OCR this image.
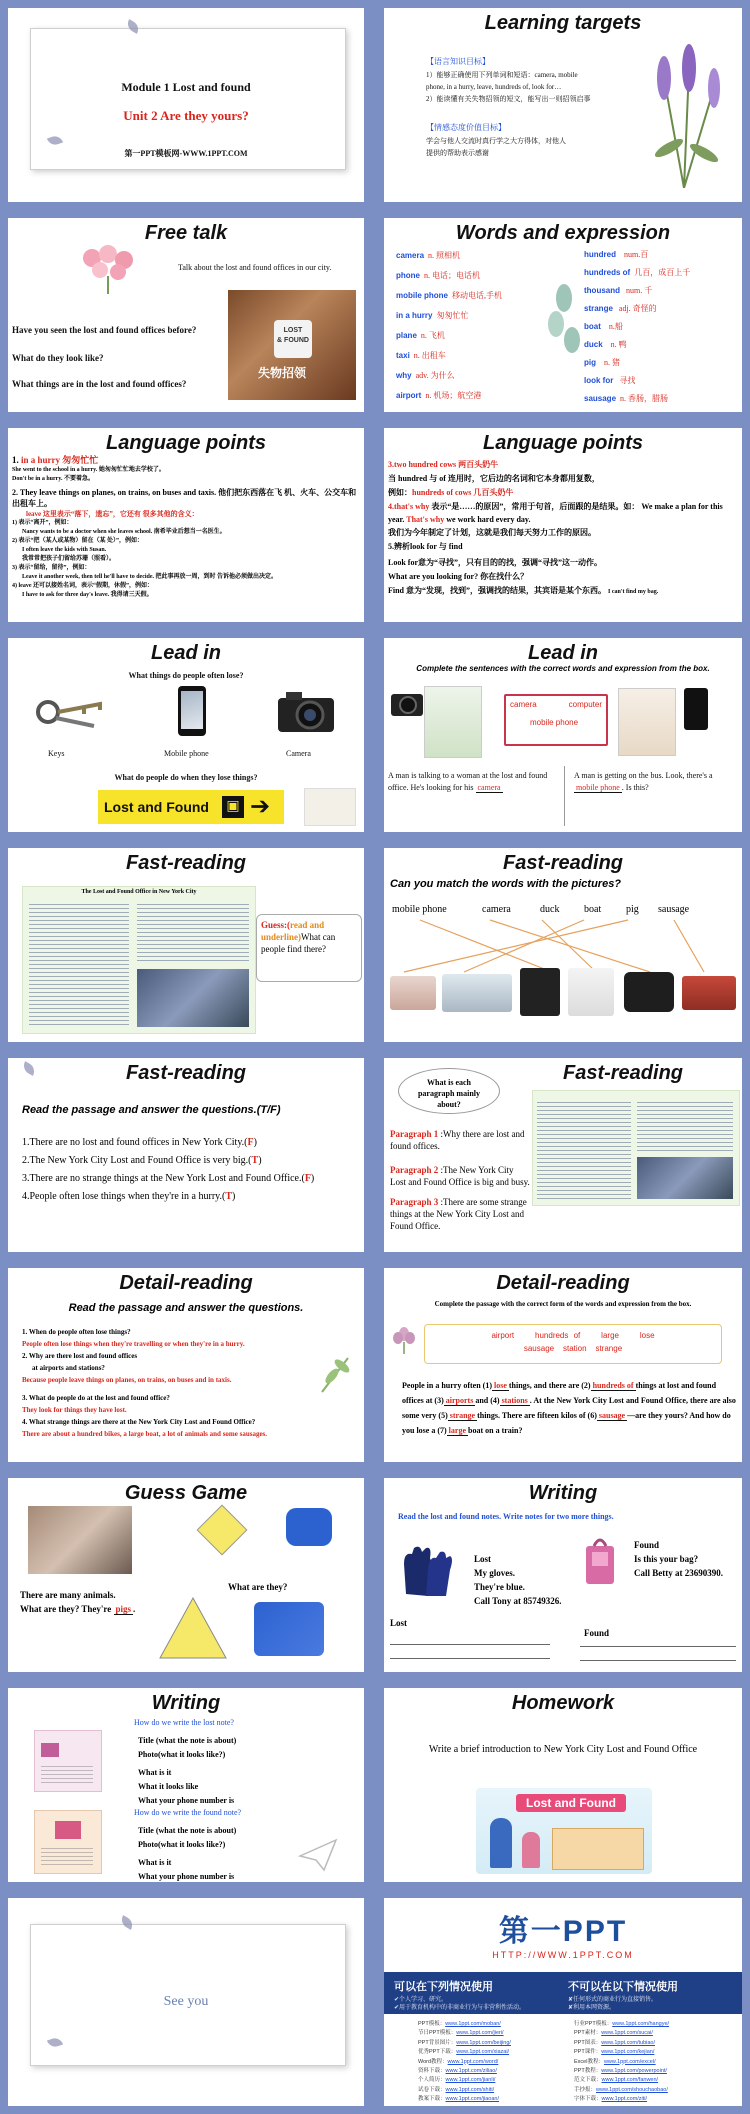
Module 1 Lost and found
Unit 2 Are they yours?
第一PPT模板网-WWW.1PPT.COM
Learning targets
【语言知识目标】
1）能够正确使用下列单词和短语：camera, mobile
phone, in a hurry, leave, hundreds of, look for…
2）能读懂有关失物招领的短文，能写出一则招领启事
【情感态度价值目标】
学会与他人交流时真行学之大方得体，对他人
提供的帮助表示感谢
Free talk
Talk about the lost and found offices in our city.
LOST
& FOUND
失物招领
Have you seen the lost and found offices before?
What do they look like?
What things are in the lost and found offices?
Words and expression
camera n. 照相机
phone n. 电话；电话机
mobile phone 移动电话,手机
in a hurry 匆匆忙忙
plane n. 飞机
taxi n. 出租车
why adv. 为什么
airport n. 机场；航空港
hundred num.百
hundreds of 几百，成百上千
thousand num. 千
strange adj. 奇怪的
boat n.船
duck n. 鸭
pig n. 猪
look for 寻找
sausage n. 香肠，腊肠
Language points
1. in a hurry 匆匆忙忙
She went to the school in a hurry. 她匆匆忙忙地去学校了。
Don't be in a hurry. 不要着急。
2. They leave things on planes, on trains, on buses and taxis. 他们把东西落在飞 机、火车、公交车和出租车上。
leave 这里表示“落下，遗忘”，它还有 很多其他的含义：
1) 表示“离开”，例如：
Nancy wants to be a doctor when she leaves school. 南希毕业后想当一名医生。
2) 表示“把（某人或某物）留在（某 处）”，例如：
I often leave the kids with Susan.
我常常把孩子们留给苏珊（照看）。
3) 表示“留给，留待”，例如：
Leave it another week, then tell he'll have to decide. 把此事再放一周，到时 告诉他必须做出决定。
4) leave 还可以接姓名词，表示“假期，休假”，例如：
I have to ask for three day's leave. 我得请三天假。
Language points
3.two hundred cows 两百头奶牛
当 hundred 与 of 连用时，它后边的名词和它本身都用复数，
例如：hundreds of cows 几百头奶牛
4.that's why 表示“是……的原因”，常用于句首，后面跟的是结果。如： We make a plan for this year. That's why we work hard every day.
我们为今年制定了计划，这就是我们每天努力工作的原因。
5.辨析look for 与 find
Look for意为“寻找”，只有目的的找，强调“寻找”这一动作。
What are you looking for? 你在找什么？
Find 意为“发现，找到”，强调找的结果，其宾语是某个东西。 I can't find my bag.
Lead in
What things do people often lose?
Keys	Mobile phone	Camera
What do people do when they lose things?
Lost and Found	▣ ➔
Lead in
Complete the sentences with the correct words and expression from the box.
camera	computer
mobile phone
A man is talking to a woman at the lost and found office. He's looking for his camera
A man is getting on the bus. Look, there's a mobile phone . Is this?
Fast-reading
The Lost and Found Office in New York City
Guess:(read and underline)What can people find there?
Fast-reading
Can you match the words with the pictures?
mobile phone	camera	duck boat pig sausage
Fast-reading
Read the passage and answer the questions.(T/F)
1.There are no lost and found offices in New York City.(F)
2.The New York City Lost and Found Office is very big.(T)
3.There are no strange things at the New York Lost and Found Office.(F)
4.People often lose things when they're in a hurry.(T)
Fast-reading
What is each paragraph mainly about?
Paragraph 1 :Why there are lost and found offices.
Paragraph 2 :The New York City Lost and Found Office is big and busy.
Paragraph 3 :There are some strange things at the New York City Lost and Found Office.
Detail-reading
Read the passage and answer the questions.
1. When do people often lose things?
People often lose things when they're travelling or when they're in a hurry.
2. Why are there lost and found offices
at airports and stations?
Because people leave things on planes, on trains, on buses and in taxis.
3. What do people do at the lost and found office?
They look for things they have lost.
4. What strange things are there at the New York City Lost and Found Office?
There are about a hundred bikes, a large boat, a lot of animals and some sausages.
Detail-reading
Complete the passage with the correct form of the words and expression from the box.
airport	hundreds of	large	lose
sausage station strange
People in a hurry often (1) lose things, and there are (2) hundreds of things at lost and found offices at (3) airports and (4) stations . At the New York City Lost and Found Office, there are also some very (5) strange things. There are fifteen kilos of (6) sausage —are they yours? And how do you lose a (7) large boat on a train?
Guess Game
There are many animals.
What are they? They're pigs .
What are they?
Writing
Read the lost and found notes. Write notes for two more things.
Lost
My gloves.
They're blue.
Call Tony at 85749326.
Found
Is this your bag?
Call Betty at 23690390.
Lost
Found
Writing
How do we write the lost note?
Title (what the note is about)
Photo(what it looks like?)
What is it
What it looks like
What your phone number is
How do we write the found note?
Title (what the note is about)
Photo(what it looks like?)
What is it
What your phone number is
Homework
Write a brief introduction to New York City Lost and Found Office
Lost and Found
See you
第一PPT
HTTP://WWW.1PPT.COM
可以在下列情况使用
✔个人学习、研究。
✔用于教育机构中的非商业行为与非营利性活动。
不可以在以下情况使用
✘任何形式的商业行为直接销售。
✘利用本网资源。
PPT模板：www.1ppt.com/moban/
节日PPT模板：www.1ppt.com/jieri/
PPT背景图片：www.1ppt.com/beijing/
优秀PPT下载：www.1ppt.com/xiazai/
Word教程：www.1ppt.com/word/
资料下载：www.1ppt.com/ziliao/
个人简历：www.1ppt.com/jianli/
试卷下载：www.1ppt.com/shiti/
教案下载：www.1ppt.com/jiaoan/
行业PPT模板：www.1ppt.com/hangye/
PPT素材：www.1ppt.com/sucai/
PPT图表：www.1ppt.com/tubiao/
PPT课件：www.1ppt.com/kejian/
Excel教程：www.1ppt.com/excel/
PPT教程：www.1ppt.com/powerpoint/
范文下载：www.1ppt.com/fanwen/
手抄报：www.1ppt.com/shouchaobao/
字体下载：www.1ppt.com/ziti/
